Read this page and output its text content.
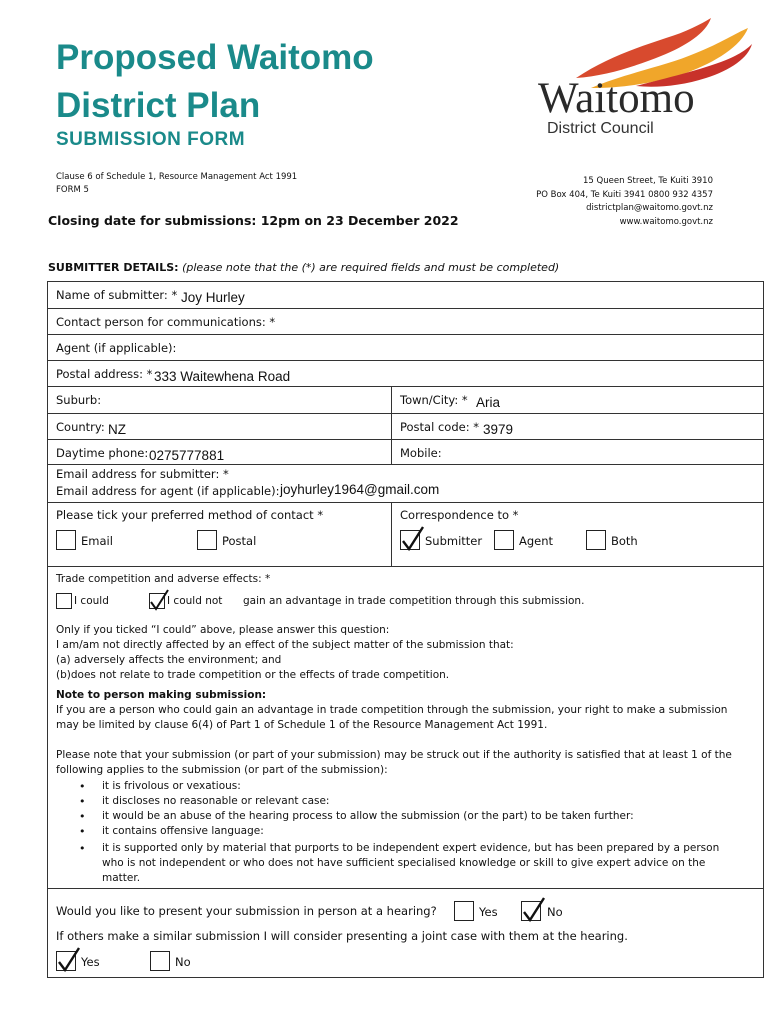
Proposed Waitomo
District Plan
SUBMISSION FORM
Clause 6 of Schedule 1, Resource Management Act 1991
FORM 5
Closing date for submissions: 12pm on 23 December 2022
Waitomo
District Council
15 Queen Street, Te Kuiti 3910
PO Box 404, Te Kuiti 3941 0800 932 4357
districtplan@waitomo.govt.nz
www.waitomo.govt.nz
SUBMITTER DETAILS: (please note that the (*) are required fields and must be completed)
Name of submitter: * Joy Hurley
Contact person for communications: *
Agent (if applicable):
Postal address: * 333 Waitewhena Road
Suburb:	Town/City: * Aria
Country: NZ	Postal code: * 3979
Daytime phone: 0275777881	Mobile:
Email address for submitter: *
Email address for agent (if applicable): joyhurley1964@gmail.com
Please tick your preferred method of contact *
Email	Postal
Correspondence to *
Submitter	Agent	Both
Trade competition and adverse effects: *
I could	I could not gain an advantage in trade competition through this submission.
Only if you ticked “I could” above, please answer this question:
I am/am not directly affected by an effect of the subject matter of the submission that:
(a) adversely affects the environment; and
(b)does not relate to trade competition or the effects of trade competition.
Note to person making submission:
If you are a person who could gain an advantage in trade competition through the submission, your right to make a submission may be limited by clause 6(4) of Part 1 of Schedule 1 of the Resource Management Act 1991.
Please note that your submission (or part of your submission) may be struck out if the authority is satisfied that at least 1 of the following applies to the submission (or part of the submission):
• it is frivolous or vexatious:
• it discloses no reasonable or relevant case:
• it would be an abuse of the hearing process to allow the submission (or the part) to be taken further:
• it contains offensive language:
• it is supported only by material that purports to be independent expert evidence, but has been prepared by a person who is not independent or who does not have sufficient specialised knowledge or skill to give expert advice on the matter.
Would you like to present your submission in person at a hearing?	Yes	No
If others make a similar submission I will consider presenting a joint case with them at the hearing.
Yes	No
